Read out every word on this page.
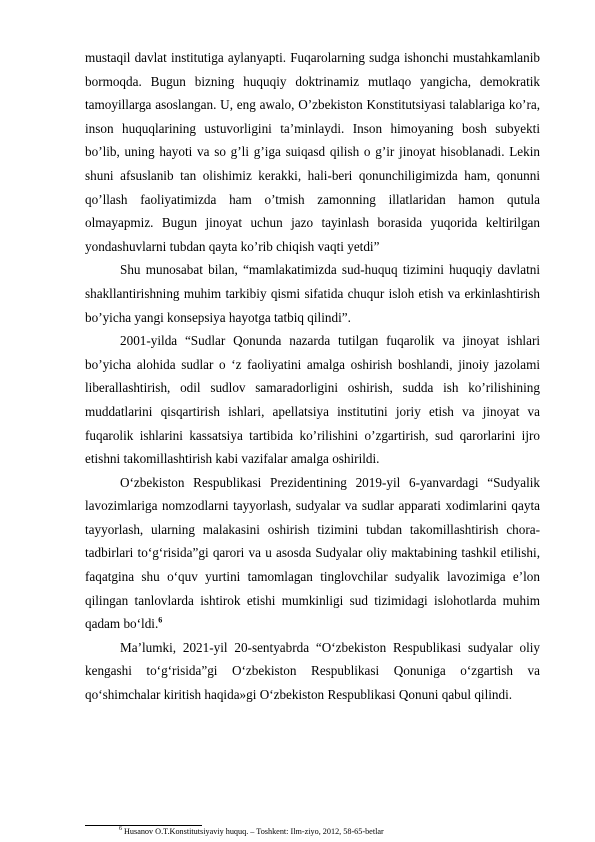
mustaqil davlat institutiga aylanyapti. Fuqarolarning sudga ishonchi mustahkamlanib bormoqda. Bugun bizning huquqiy doktrinamiz mutlaqo yangicha, demokratik tamoyillarga asoslangan. U, eng awalo, O’zbekiston Konstitutsiyasi talablariga ko’ra, inson huquqlarining ustuvorligini ta’minlaydi. Inson himoyaning bosh subyekti bo’lib, uning hayoti va so g’li g’iga suiqasd qilish o g’ir jinoyat hisoblanadi. Lekin shuni afsuslanib tan olishimiz kerakki, hali-beri qonunchiligimizda ham, qonunni qo’llash faoliyatimizda ham o’tmish zamonning illatlaridan hamon qutula olmayapmiz. Bugun jinoyat uchun jazo tayinlash borasida yuqorida keltirilgan yondashuvlarni tubdan qayta ko’rib chiqish vaqti yetdi”

Shu munosabat bilan, “mamlakatimizda sud-huquq tizimini huquqiy davlatni shakllantirishning muhim tarkibiy qismi sifatida chuqur isloh etish va erkinlashtirish bo’yicha yangi konsepsiya hayotga tatbiq qilindi”.

2001-yilda “Sudlar Qonunda nazarda tutilgan fuqarolik va jinoyat ishlari bo’yicha alohida sudlar o ‘z faoliyatini amalga oshirish boshlandi, jinoiy jazolami liberallashtirish, odil sudlov samaradorligini oshirish, sudda ish ko’rilishining muddatlarini qisqartirish ishlari, apellatsiya institutini joriy etish va jinoyat va fuqarolik ishlarini kassatsiya tartibida ko’rilishini o’zgartirish, sud qarorlarini ijro etishni takomillashtirish kabi vazifalar amalga oshirildi.

O‘zbekiston Respublikasi Prezidentining 2019-yil 6-yanvardagi “Sudyalik lavozimlariga nomzodlarni tayyorlash, sudyalar va sudlar apparati xodimlarini qayta tayyorlash, ularning malakasini oshirish tizimini tubdan takomillashtirish chora-tadbirlari to‘g‘risida”gi qarori va u asosda Sudyalar oliy maktabining tashkil etilishi, faqatgina shu o‘quv yurtini tamomlagan tinglovchilar sudyalik lavozimiga e’lon qilingan tanlovlarda ishtirok etishi mumkinligi sud tizimidagi islohotlarda muhim qadam bo‘ldi.$^6$

Ma’lumki, 2021-yil 20-sentyabrda “O‘zbekiston Respublikasi sudyalar oliy kengashi to‘g‘risida”gi O‘zbekiston Respublikasi Qonuniga o‘zgartish va qo‘shimchalar kiritish haqida»gi O‘zbekiston Respublikasi Qonuni qabul qilindi.

$^6$ Husanov O.T.Konstitutsiyaviy huquq. – Toshkent: Ilm-ziyo, 2012, 58-65-betlar
